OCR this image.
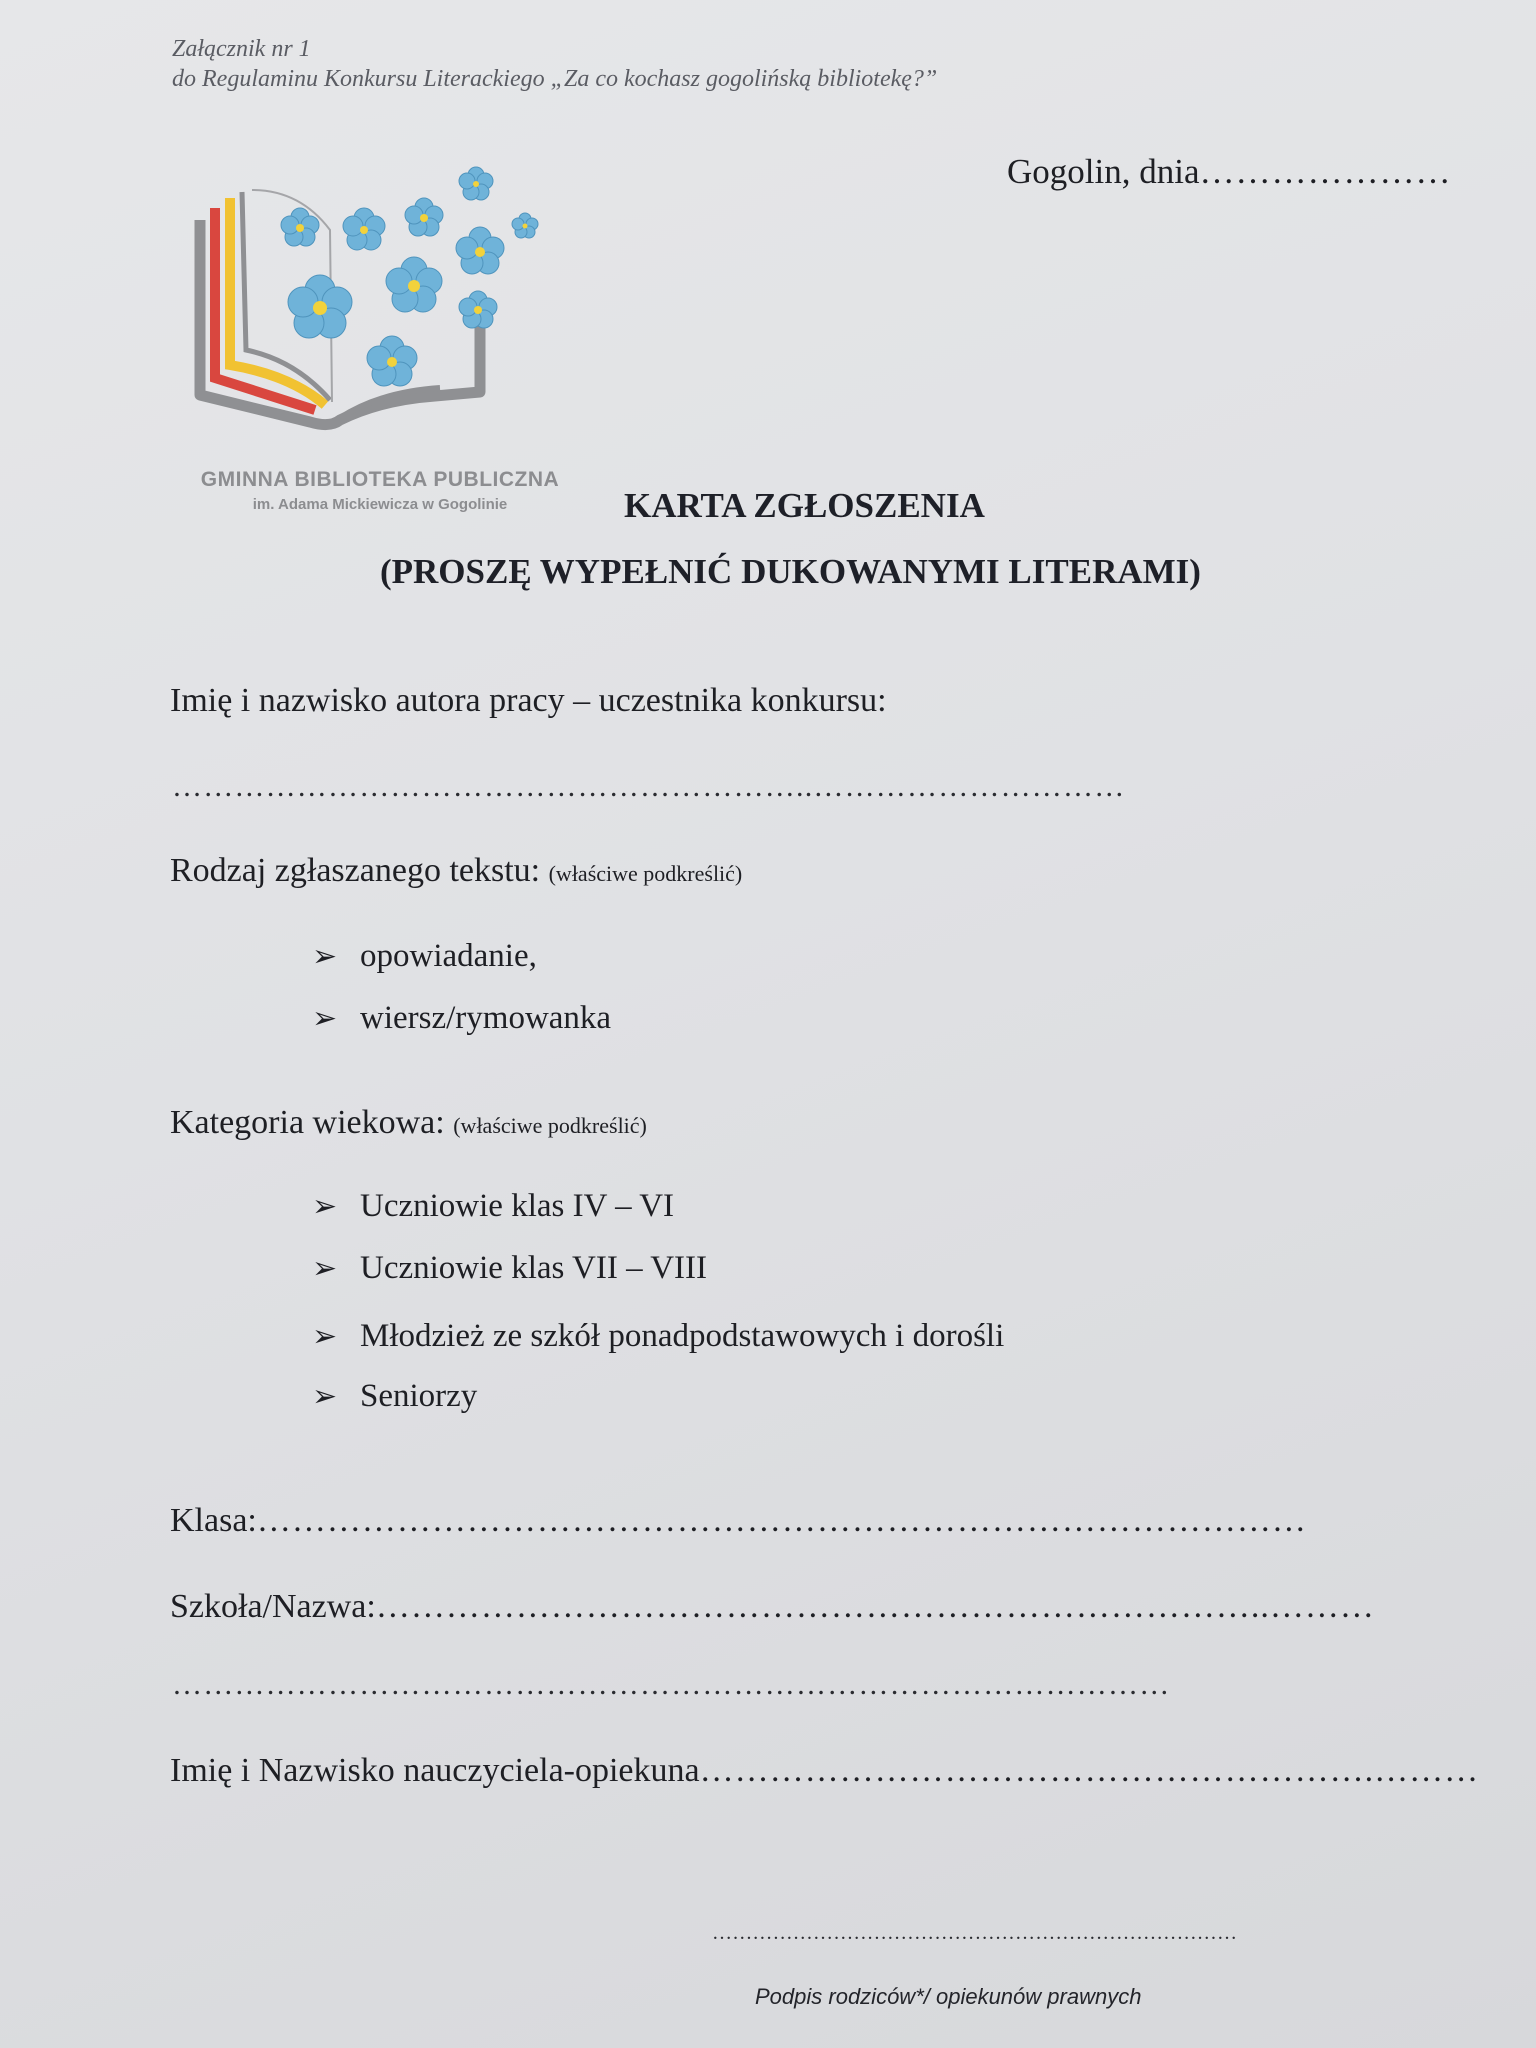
Załącznik nr 1
do Regulaminu Konkursu Literackiego „Za co kochasz gogolińską bibliotekę?”
Gogolin, dnia…………………
GMINNA BIBLIOTEKA PUBLICZNA
im. Adama Mickiewicza w Gogolinie	KARTA ZGŁOSZENIA
(PROSZĘ WYPEŁNIĆ DUKOWANYMI LITERAMI)
Imię i nazwisko autora pracy – uczestnika konkursu:
……………………………………………………..…………………………
Rodzaj zgłaszanego tekstu: (właściwe podkreślić)
➢ opowiadanie,
➢ wiersz/rymowanka
Kategoria wiekowa: (właściwe podkreślić)
➢ Uczniowie klas IV – VI
➢ Uczniowie klas VII – VIII
➢ Młodzież ze szkół ponadpodstawowych i dorośli
➢ Seniorzy
Klasa:………………………………………………………………………………
Szkoła/Nazwa:…………………………………………………………………..………
……………………………………………………………………………………
Imię i Nazwisko nauczyciela-opiekuna………………………………………………….………
……………………………………………………………………
Podpis rodziców*/ opiekunów prawnych
